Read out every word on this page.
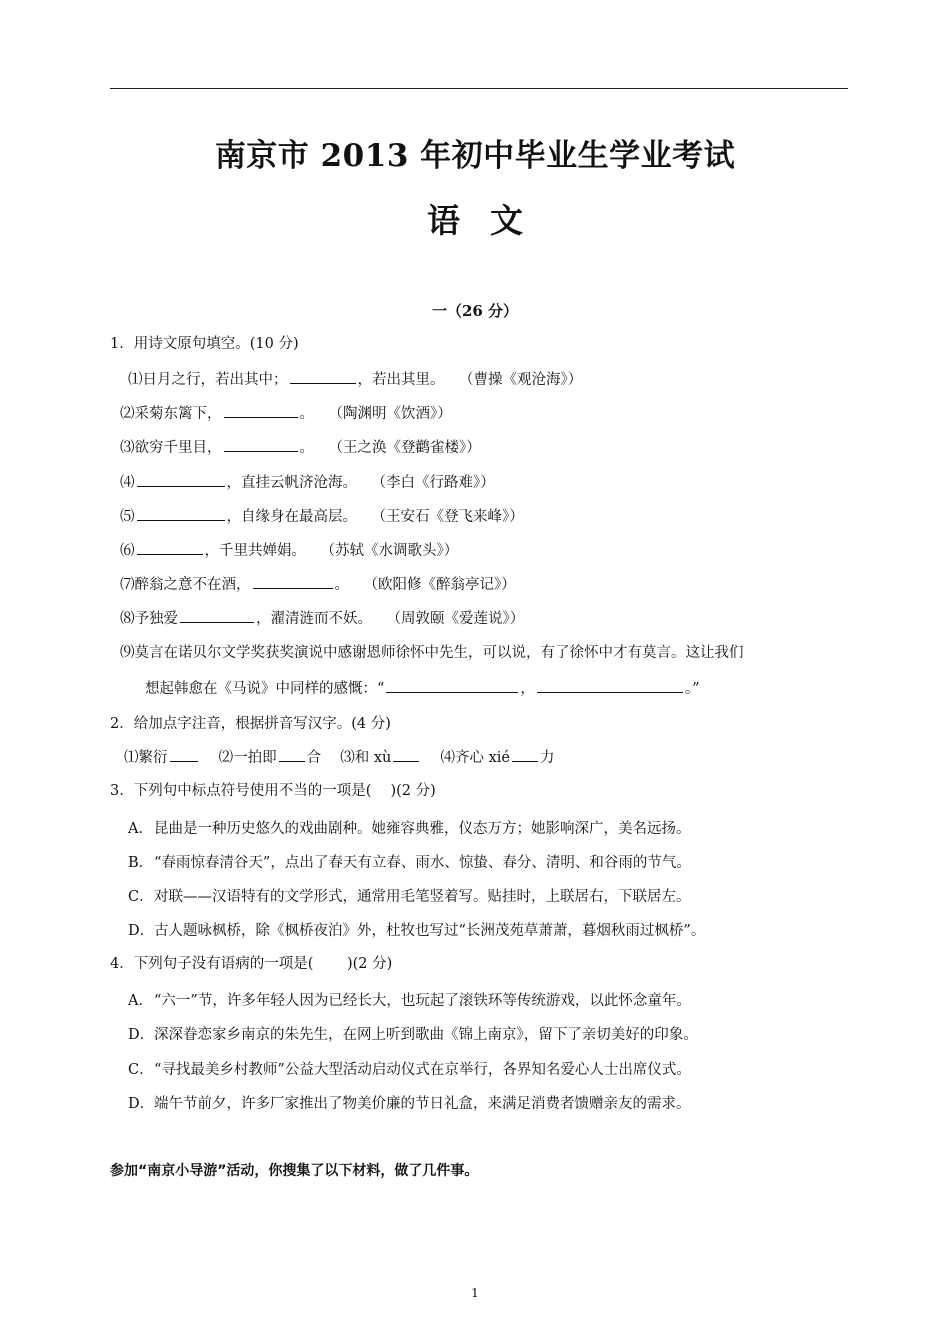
南京市 2013 年初中毕业生学业考试
语文
一（26 分）
1．用诗文原句填空。(10 分)
⑴日月之行，若出其中；	，若出其里。  （曹操《观沧海》）
⑵采菊东篱下，	。  （陶渊明《饮酒》）
⑶欲穷千里目，	。  （王之涣《登鹳雀楼》）
⑷	，直挂云帆济沧海。  （李白《行路难》）
⑸	，自缘身在最高层。  （王安石《登飞来峰》）
⑹	，千里共婵娟。  （苏轼《水调歌头》）
⑺醉翁之意不在酒，	。  （欧阳修《醉翁亭记》）
⑻予独爱	，濯清涟而不妖。  （周敦颐《爱莲说》）
⑼莫言在诺贝尔文学奖获奖演说中感谢恩师徐怀中先生，可以说，有了徐怀中才有莫言。这让我们
想起韩愈在《马说》中同样的感慨：“	，	。”
2．给加点字注音，根据拼音写汉字。(4 分)
⑴繁衍 	⑵一拍即 合  ⑶和 xù 	⑷齐心 xié 力
3．下列句中标点符号使用不当的一项是(　 )(2 分)
A．昆曲是一种历史悠久的戏曲剧种。她雍容典雅，仪态万方；她影响深广，美名远扬。
B．“春雨惊春清谷天”，点出了春天有立春、雨水、惊蛰、春分、清明、和谷雨的节气。
C．对联——汉语特有的文学形式，通常用毛笔竖着写。贴挂时，上联居右，下联居左。
D．古人题咏枫桥，除《枫桥夜泊》外，杜牧也写过“长洲茂苑草萧萧，暮烟秋雨过枫桥”。
4．下列句子没有语病的一项是(　　 )(2 分)
A．“六一”节，许多年轻人因为已经长大，也玩起了滚铁环等传统游戏，以此怀念童年。
D．深深眷恋家乡南京的朱先生，在网上听到歌曲《锦上南京》，留下了亲切美好的印象。
C．“寻找最美乡村教师”公益大型活动启动仪式在京举行，各界知名爱心人士出席仪式。
D．端午节前夕，许多厂家推出了物美价廉的节日礼盒，来满足消费者馈赠亲友的需求。
参加“南京小导游”活动，你搜集了以下材料，做了几件事。
1
